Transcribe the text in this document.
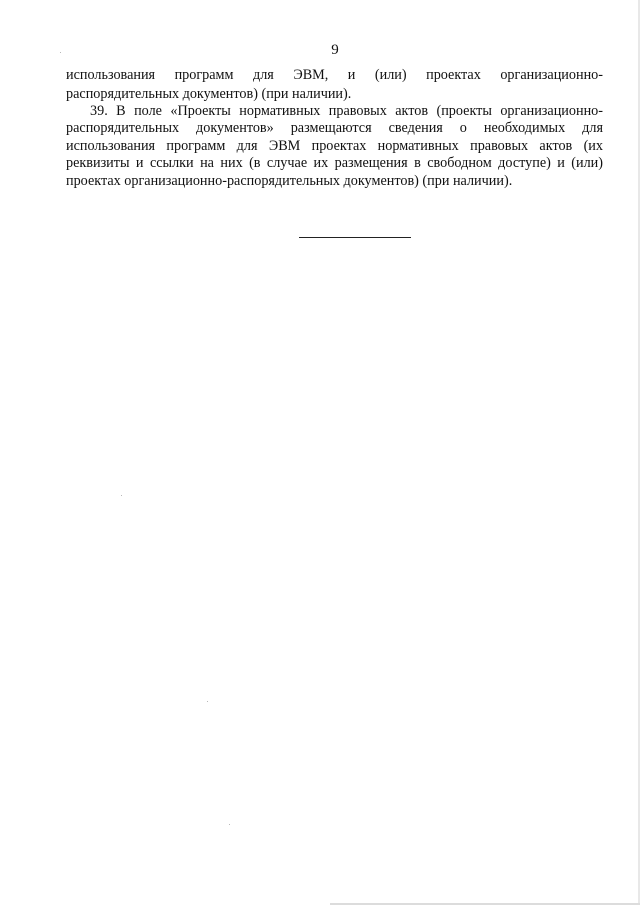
9
использования программ для ЭВМ, и (или) проектах организационно-
распорядительных документов) (при наличии).
39. В поле «Проекты нормативных правовых актов (проекты организационно-
распорядительных документов» размещаются сведения о необходимых для
использования программ для ЭВМ проектах нормативных правовых актов (их
реквизиты и ссылки на них (в случае их размещения в свободном доступе) и (или)
проектах организационно-распорядительных документов) (при наличии).
